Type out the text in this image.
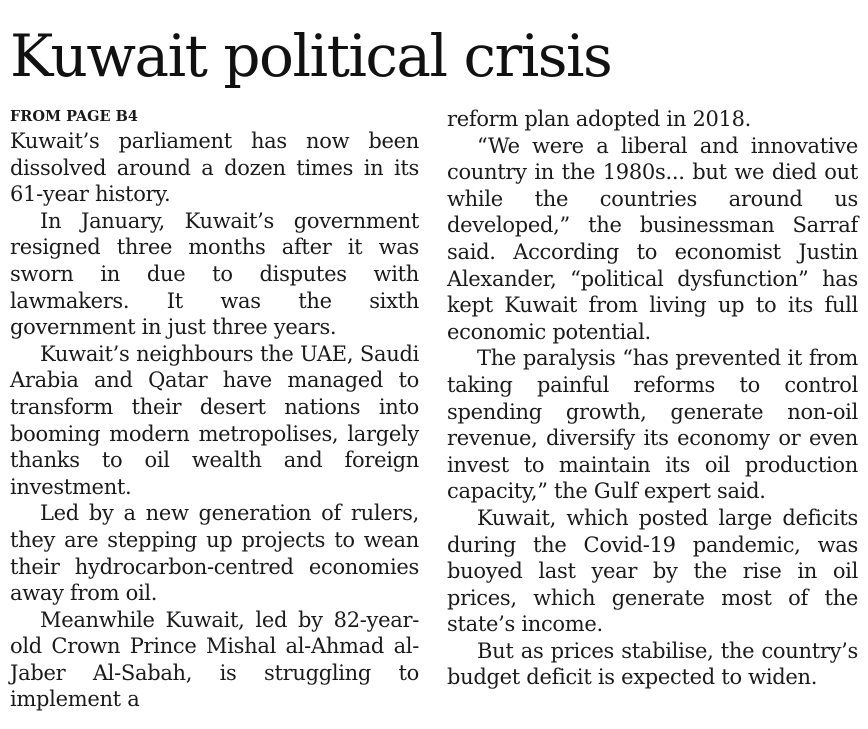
Kuwait political crisis
FROM PAGE B4

Kuwait’s parliament has now been dissolved around a dozen times in its 61-year history.

In January, Kuwait’s government resigned three months after it was sworn in due to disputes with lawmakers. It was the sixth government in just three years.

Kuwait’s neighbours the UAE, Saudi Arabia and Qatar have managed to transform their desert nations into booming modern metropolises, largely thanks to oil wealth and foreign investment.

Led by a new generation of rulers, they are stepping up projects to wean their hydrocarbon-centred economies away from oil.

Meanwhile Kuwait, led by 82-year-old Crown Prince Mishal al-Ahmad al-Jaber Al-Sabah, is struggling to implement a

reform plan adopted in 2018.

“We were a liberal and innovative country in the 1980s... but we died out while the countries around us developed,” the businessman Sarraf said. According to economist Justin Alexander, “political dysfunction” has kept Kuwait from living up to its full economic potential.

The paralysis “has prevented it from taking painful reforms to control spending growth, generate non-oil revenue, diversify its economy or even invest to maintain its oil production capacity,” the Gulf expert said.

Kuwait, which posted large deficits during the Covid-19 pandemic, was buoyed last year by the rise in oil prices, which generate most of the state’s income.

But as prices stabilise, the country’s budget deficit is expected to widen.
